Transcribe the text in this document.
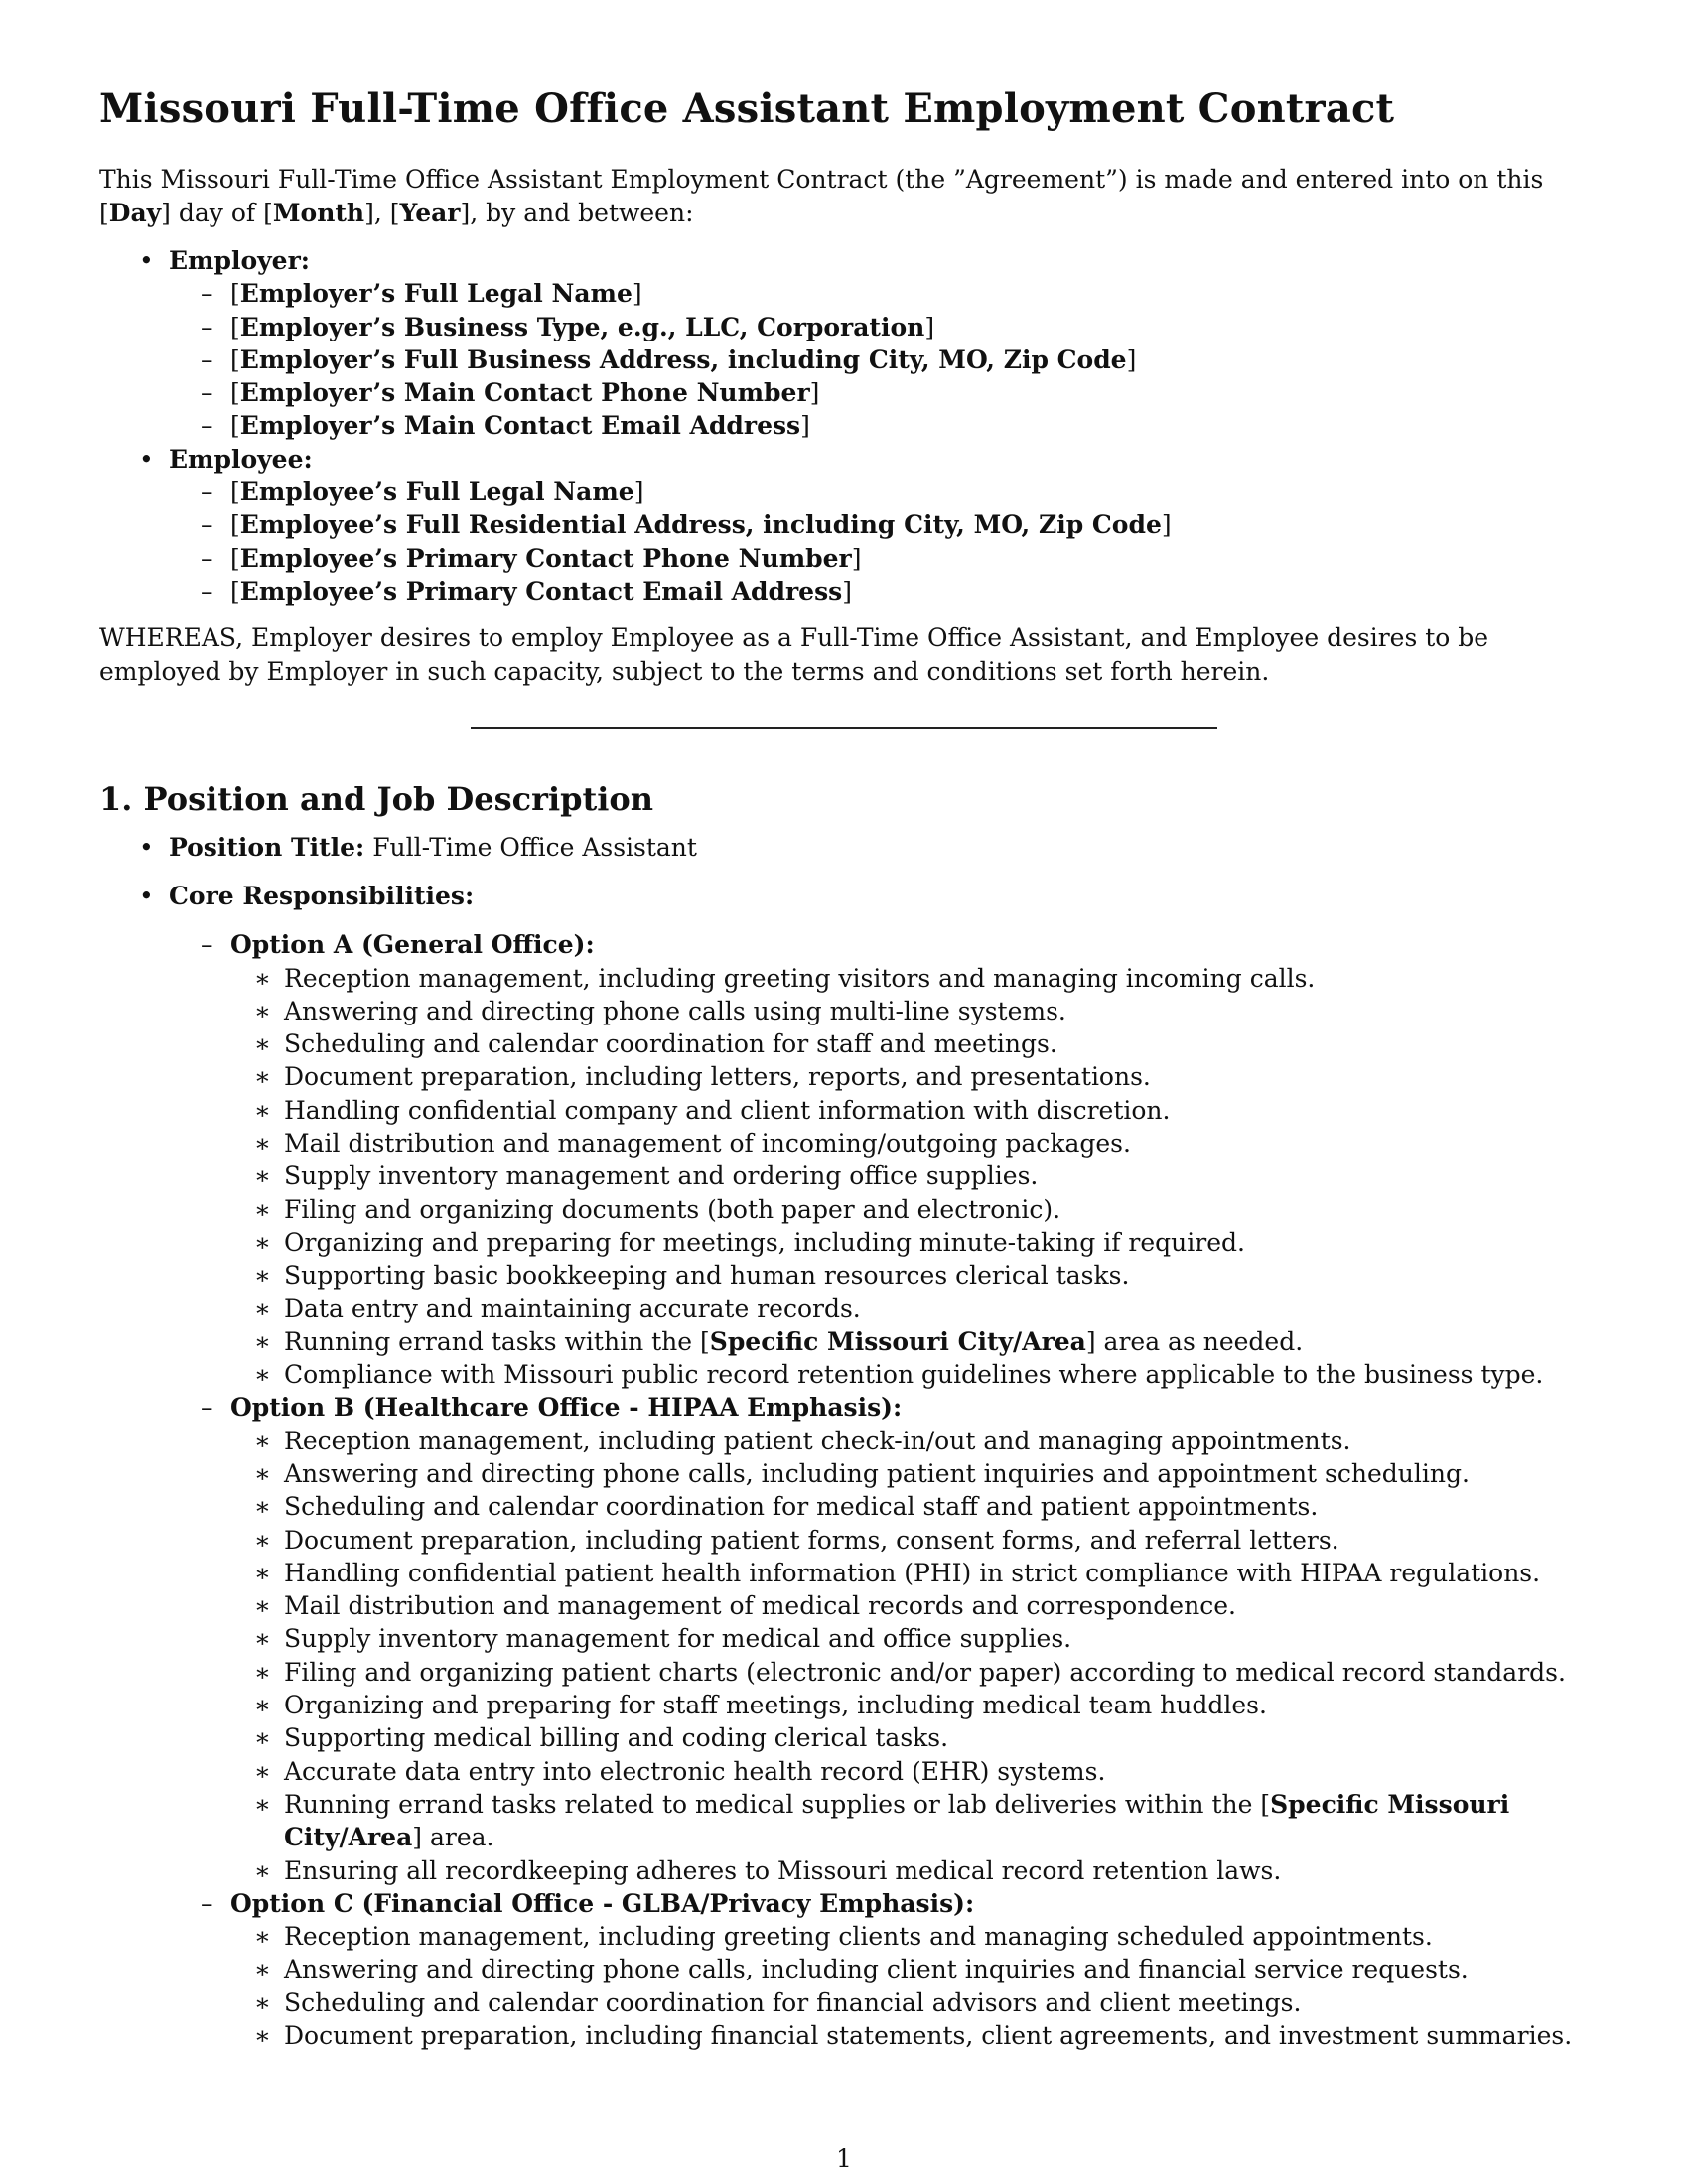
Missouri Full-Time Office Assistant Employment Contract

This Missouri Full-Time Office Assistant Employment Contract (the ”Agreement”) is made and entered into on this [Day] day of [Month], [Year], by and between:

• Employer:
– [Employer’s Full Legal Name]
– [Employer’s Business Type, e.g., LLC, Corporation]
– [Employer’s Full Business Address, including City, MO, Zip Code]
– [Employer’s Main Contact Phone Number]
– [Employer’s Main Contact Email Address]
• Employee:
– [Employee’s Full Legal Name]
– [Employee’s Full Residential Address, including City, MO, Zip Code]
– [Employee’s Primary Contact Phone Number]
– [Employee’s Primary Contact Email Address]

WHEREAS, Employer desires to employ Employee as a Full-Time Office Assistant, and Employee desires to be employed by Employer in such capacity, subject to the terms and conditions set forth herein.

1. Position and Job Description
• Position Title: Full-Time Office Assistant
• Core Responsibilities:
– Option A (General Office):
∗ Reception management, including greeting visitors and managing incoming calls.
∗ Answering and directing phone calls using multi-line systems.
∗ Scheduling and calendar coordination for staff and meetings.
∗ Document preparation, including letters, reports, and presentations.
∗ Handling confidential company and client information with discretion.
∗ Mail distribution and management of incoming/outgoing packages.
∗ Supply inventory management and ordering office supplies.
∗ Filing and organizing documents (both paper and electronic).
∗ Organizing and preparing for meetings, including minute-taking if required.
∗ Supporting basic bookkeeping and human resources clerical tasks.
∗ Data entry and maintaining accurate records.
∗ Running errand tasks within the [Specific Missouri City/Area] area as needed.
∗ Compliance with Missouri public record retention guidelines where applicable to the business type.
– Option B (Healthcare Office - HIPAA Emphasis):
∗ Reception management, including patient check-in/out and managing appointments.
∗ Answering and directing phone calls, including patient inquiries and appointment scheduling.
∗ Scheduling and calendar coordination for medical staff and patient appointments.
∗ Document preparation, including patient forms, consent forms, and referral letters.
∗ Handling confidential patient health information (PHI) in strict compliance with HIPAA regulations.
∗ Mail distribution and management of medical records and correspondence.
∗ Supply inventory management for medical and office supplies.
∗ Filing and organizing patient charts (electronic and/or paper) according to medical record standards.
∗ Organizing and preparing for staff meetings, including medical team huddles.
∗ Supporting medical billing and coding clerical tasks.
∗ Accurate data entry into electronic health record (EHR) systems.
∗ Running errand tasks related to medical supplies or lab deliveries within the [Specific Missouri City/Area] area.
∗ Ensuring all recordkeeping adheres to Missouri medical record retention laws.
– Option C (Financial Office - GLBA/Privacy Emphasis):
∗ Reception management, including greeting clients and managing scheduled appointments.
∗ Answering and directing phone calls, including client inquiries and financial service requests.
∗ Scheduling and calendar coordination for financial advisors and client meetings.
∗ Document preparation, including financial statements, client agreements, and investment summaries.
1
